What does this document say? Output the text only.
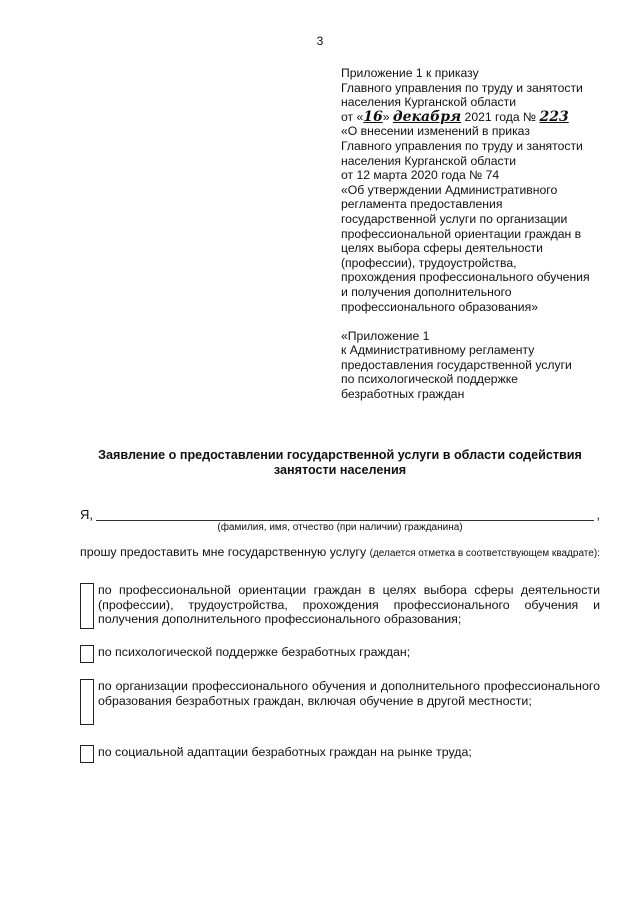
3
Приложение 1 к приказу
Главного управления по труду и занятости
населения Курганской области
от «16» декабря 2021 года № 223
«О внесении изменений в приказ
Главного управления по труду и занятости
населения Курганской области
от 12 марта 2020 года № 74
«Об утверждении Административного
регламента предоставления
государственной услуги по организации
профессиональной ориентации граждан в
целях выбора сферы деятельности
(профессии), трудоустройства,
прохождения профессионального обучения
и получения дополнительного
профессионального образования»
«Приложение 1
к Административному регламенту
предоставления государственной услуги
по психологической поддержке
безработных граждан
Заявление о предоставлении государственной услуги в области содействия занятости населения
Я,	,
(фамилия, имя, отчество (при наличии) гражданина)
прошу предоставить мне государственную услугу (делается отметка в соответствующем квадрате):
по профессиональной ориентации граждан в целях выбора сферы деятельности (профессии), трудоустройства, прохождения профессионального обучения и получения дополнительного профессионального образования;
по психологической поддержке безработных граждан;
по организации профессионального обучения и дополнительного профессионального образования безработных граждан, включая обучение в другой местности;
по социальной адаптации безработных граждан на рынке труда;
